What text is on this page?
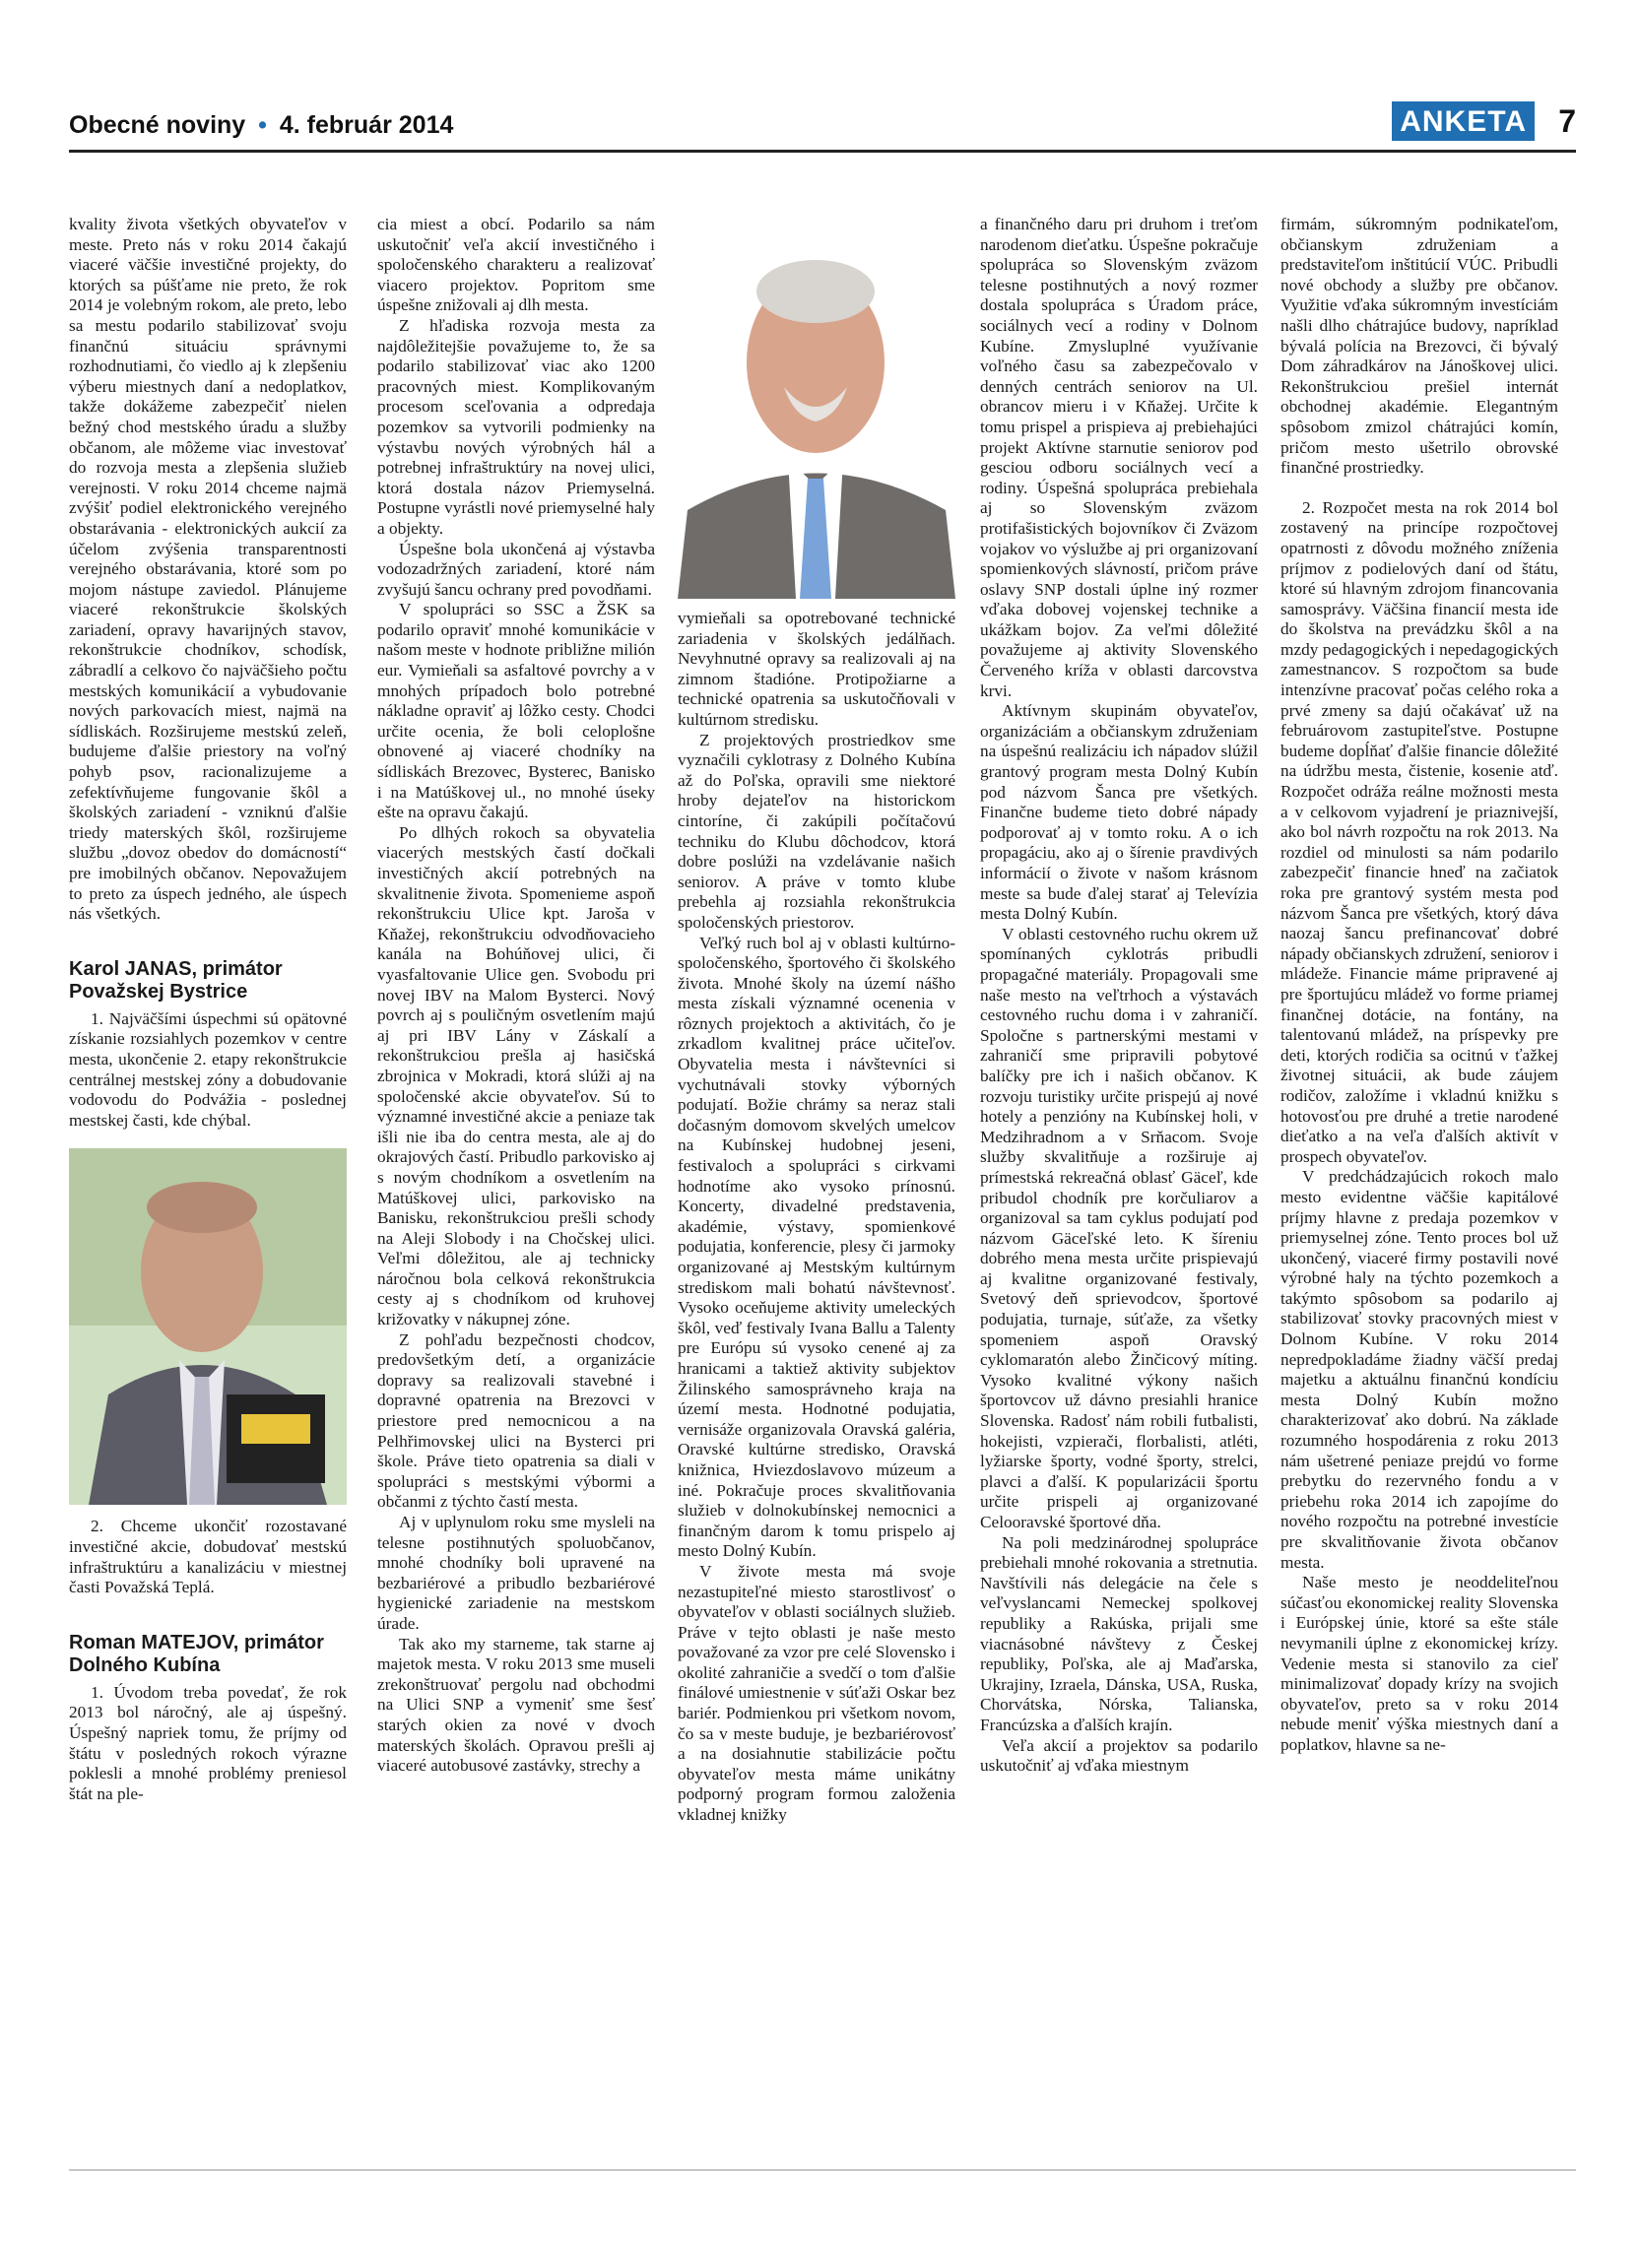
Obecné noviny • 4. február 2014	ANKETA 7

kvality života všetkých obyvateľov v meste. Preto nás v roku 2014 čakajú viaceré väčšie investičné projekty, do ktorých sa púšťame nie preto, že rok 2014 je volebným rokom, ale preto, lebo sa mestu podarilo stabilizovať svoju finančnú situáciu správnymi rozhodnutiami, čo viedlo aj k zlepšeniu výberu miestnych daní a nedoplatkov, takže dokážeme zabezpečiť nielen bežný chod mestského úradu a služby občanom, ale môžeme viac investovať do rozvoja mesta a zlepšenia služieb verejnosti. V roku 2014 chceme najmä zvýšiť podiel elektronického verejného obstarávania - elektronických aukcií za účelom zvýšenia transparentnosti verejného obstarávania, ktoré som po mojom nástupe zaviedol. Plánujeme viaceré rekonštrukcie školských zariadení, opravy havarijných stavov, rekonštrukcie chodníkov, schodísk, zábradlí a celkovo čo najväčšieho počtu mestských komunikácií a vybudovanie nových parkovacích miest, najmä na sídliskách. Rozširujeme mestskú zeleň, budujeme ďalšie priestory na voľný pohyb psov, racionalizujeme a zefektívňujeme fungovanie škôl a školských zariadení - vzniknú ďalšie triedy materských škôl, rozširujeme službu „dovoz obedov do domácností“ pre imobilných občanov. Nepovažujem to preto za úspech jedného, ale úspech nás všetkých.

Karol JANAS, primátor Považskej Bystrice

1. Najväčšími úspechmi sú opätovné získanie rozsiahlych pozemkov v centre mesta, ukončenie 2. etapy rekonštrukcie centrálnej mestskej zóny a dobudovanie vodovodu do Podvážia - poslednej mestskej časti, kde chýbal.

2. Chceme ukončiť rozostavané investičné akcie, dobudovať mestskú infraštruktúru a kanalizáciu v miestnej časti Považská Teplá.

Roman MATEJOV, primátor Dolného Kubína

1. Úvodom treba povedať, že rok 2013 bol náročný, ale aj úspešný. Úspešný napriek tomu, že príjmy od štátu v posledných rokoch výrazne poklesli a mnohé problémy preniesol štát na ple-

cia miest a obcí. Podarilo sa nám uskutočniť veľa akcií investičného i spoločenského charakteru a realizovať viacero projektov. Popritom sme úspešne znižovali aj dlh mesta.

Z hľadiska rozvoja mesta za najdôležitejšie považujeme to, že sa podarilo stabilizovať viac ako 1200 pracovných miest. Komplikovaným procesom sceľovania a odpredaja pozemkov sa vytvorili podmienky na výstavbu nových výrobných hál a potrebnej infraštruktúry na novej ulici, ktorá dostala názov Priemyselná. Postupne vyrástli nové priemyselné haly a objekty.

Úspešne bola ukončená aj výstavba vodozadržných zariadení, ktoré nám zvyšujú šancu ochrany pred povodňami.

V spolupráci so SSC a ŽSK sa podarilo opraviť mnohé komunikácie v našom meste v hodnote približne milión eur. Vymieňali sa asfaltové povrchy a v mnohých prípadoch bolo potrebné nákladne opraviť aj lôžko cesty. Chodci určite ocenia, že boli celoplošne obnovené aj viaceré chodníky na sídliskách Brezovec, Bysterec, Banisko i na Matúškovej ul., no mnohé úseky ešte na opravu čakajú.

Po dlhých rokoch sa obyvatelia viacerých mestských častí dočkali investičných akcií potrebných na skvalitnenie života. Spomenieme aspoň rekonštrukciu Ulice kpt. Jaroša v Kňažej, rekonštrukciu odvodňovacieho kanála na Bohúňovej ulici, či vyasfaltovanie Ulice gen. Svobodu pri novej IBV na Malom Bysterci. Nový povrch aj s pouličným osvetlením majú aj pri IBV Lány v Záskalí a rekonštrukciou prešla aj hasičská zbrojnica v Mokradi, ktorá slúži aj na spoločenské akcie obyvateľov. Sú to významné investičné akcie a peniaze tak išli nie iba do centra mesta, ale aj do okrajových častí. Pribudlo parkovisko aj s novým chodníkom a osvetlením na Matúškovej ulici, parkovisko na Banisku, rekonštrukciou prešli schody na Aleji Slobody i na Chočskej ulici. Veľmi dôležitou, ale aj technicky náročnou bola celková rekonštrukcia cesty aj s chodníkom od kruhovej križovatky v nákupnej zóne.

Z pohľadu bezpečnosti chodcov, predovšetkým detí, a organizácie dopravy sa realizovali stavebné i dopravné opatrenia na Brezovci v priestore pred nemocnicou a na Pelhřimovskej ulici na Bysterci pri škole. Práve tieto opatrenia sa diali v spolupráci s mestskými výbormi a občanmi z týchto častí mesta.

Aj v uplynulom roku sme mysleli na telesne postihnutých spoluobčanov, mnohé chodníky boli upravené na bezbariérové a pribudlo bezbariérové hygienické zariadenie na mestskom úrade.

Tak ako my starneme, tak starne aj majetok mesta. V roku 2013 sme museli zrekonštruovať pergolu nad obchodmi na Ulici SNP a vymeniť sme šesť starých okien za nové v dvoch materských školách. Opravou prešli aj viaceré autobusové zastávky, strechy a

vymieňali sa opotrebované technické zariadenia v školských jedálňach. Nevyhnutné opravy sa realizovali aj na zimnom štadióne. Protipožiarne a technické opatrenia sa uskutočňovali v kultúrnom stredisku.

Z projektových prostriedkov sme vyznačili cyklotrasy z Dolného Kubína až do Poľska, opravili sme niektoré hroby dejateľov na historickom cintoríne, či zakúpili počítačovú techniku do Klubu dôchodcov, ktorá dobre poslúži na vzdelávanie našich seniorov. A práve v tomto klube prebehla aj rozsiahla rekonštrukcia spoločenských priestorov.

Veľký ruch bol aj v oblasti kultúrno-spoločenského, športového či školského života. Mnohé školy na území nášho mesta získali významné ocenenia v rôznych projektoch a aktivitách, čo je zrkadlom kvalitnej práce učiteľov. Obyvatelia mesta i návštevníci si vychutnávali stovky výborných podujatí. Božie chrámy sa neraz stali dočasným domovom skvelých umelcov na Kubínskej hudobnej jeseni, festivaloch a spolupráci s cirkvami hodnotíme ako vysoko prínosnú. Koncerty, divadelné predstavenia, akadémie, výstavy, spomienkové podujatia, konferencie, plesy či jarmoky organizované aj Mestským kultúrnym strediskom mali bohatú návštevnosť. Vysoko oceňujeme aktivity umeleckých škôl, veď festivaly Ivana Ballu a Talenty pre Európu sú vysoko cenené aj za hranicami a taktiež aktivity subjektov Žilinského samosprávneho kraja na území mesta. Hodnotné podujatia, vernisáže organizovala Oravská galéria, Oravské kultúrne stredisko, Oravská knižnica, Hviezdoslavovo múzeum a iné. Pokračuje proces skvalitňovania služieb v dolnokubínskej nemocnici a finančným darom k tomu prispelo aj mesto Dolný Kubín.

V živote mesta má svoje nezastupiteľné miesto starostlivosť o obyvateľov v oblasti sociálnych služieb. Práve v tejto oblasti je naše mesto považované za vzor pre celé Slovensko i okolité zahraničie a svedčí o tom ďalšie finálové umiestnenie v súťaži Oskar bez bariér. Podmienkou pri všetkom novom, čo sa v meste buduje, je bezbariérovosť a na dosiahnutie stabilizácie počtu obyvateľov mesta máme unikátny podporný program formou založenia vkladnej knižky

a finančného daru pri druhom i treťom narodenom dieťatku. Úspešne pokračuje spolupráca so Slovenským zväzom telesne postihnutých a nový rozmer dostala spolupráca s Úradom práce, sociálnych vecí a rodiny v Dolnom Kubíne. Zmysluplné využívanie voľného času sa zabezpečovalo v denných centrách seniorov na Ul. obrancov mieru i v Kňažej. Určite k tomu prispel a prispieva aj prebiehajúci projekt Aktívne starnutie seniorov pod gesciou odboru sociálnych vecí a rodiny. Úspešná spolupráca prebiehala aj so Slovenským zväzom protifašistických bojovníkov či Zväzom vojakov vo výslužbe aj pri organizovaní spomienkových slávností, pričom práve oslavy SNP dostali úplne iný rozmer vďaka dobovej vojenskej technike a ukážkam bojov. Za veľmi dôležité považujeme aj aktivity Slovenského Červeného kríža v oblasti darcovstva krvi.

Aktívnym skupinám obyvateľov, organizáciám a občianskym združeniam na úspešnú realizáciu ich nápadov slúžil grantový program mesta Dolný Kubín pod názvom Šanca pre všetkých. Finančne budeme tieto dobré nápady podporovať aj v tomto roku. A o ich propagáciu, ako aj o šírenie pravdivých informácií o živote v našom krásnom meste sa bude ďalej starať aj Televízia mesta Dolný Kubín.

V oblasti cestovného ruchu okrem už spomínaných cyklotrás pribudli propagačné materiály. Propagovali sme naše mesto na veľtrhoch a výstavách cestovného ruchu doma i v zahraničí. Spoločne s partnerskými mestami v zahraničí sme pripravili pobytové balíčky pre ich i našich občanov. K rozvoju turistiky určite prispejú aj nové hotely a penzióny na Kubínskej holi, v Medzihradnom a v Srňacom. Svoje služby skvalitňuje a rozširuje aj prímestská rekreačná oblasť Gäceľ, kde pribudol chodník pre korčuliarov a organizoval sa tam cyklus podujatí pod názvom Gäceľské leto. K šíreniu dobrého mena mesta určite prispievajú aj kvalitne organizované festivaly, Svetový deň sprievodcov, športové podujatia, turnaje, súťaže, za všetky spomeniem aspoň Oravský cyklomaratón alebo Žinčicový míting. Vysoko kvalitné výkony našich športovcov už dávno presiahli hranice Slovenska. Radosť nám robili futbalisti, hokejisti, vzpierači, florbalisti, atléti, lyžiarske športy, vodné športy, strelci, plavci a ďalší. K popularizácii športu určite prispeli aj organizované Celooravské športové dňa.

Na poli medzinárodnej spolupráce prebiehali mnohé rokovania a stretnutia. Navštívili nás delegácie na čele s veľvyslancami Nemeckej spolkovej republiky a Rakúska, prijali sme viacnásobné návštevy z Českej republiky, Poľska, ale aj Maďarska, Ukrajiny, Izraela, Dánska, USA, Ruska, Chorvátska, Nórska, Talianska, Francúzska a ďalších krajín.

Veľa akcií a projektov sa podarilo uskutočniť aj vďaka miestnym

firmám, súkromným podnikateľom, občianskym združeniam a predstaviteľom inštitúcií VÚC. Pribudli nové obchody a služby pre občanov. Využitie vďaka súkromným investíciám našli dlho chátrajúce budovy, napríklad bývalá polícia na Brezovci, či bývalý Dom záhradkárov na Jánoškovej ulici. Rekonštrukciou prešiel internát obchodnej akadémie. Elegantným spôsobom zmizol chátrajúci komín, pričom mesto ušetrilo obrovské finančné prostriedky.

2. Rozpočet mesta na rok 2014 bol zostavený na princípe rozpočtovej opatrnosti z dôvodu možného zníženia príjmov z podielových daní od štátu, ktoré sú hlavným zdrojom financovania samosprávy. Väčšina financií mesta ide do školstva na prevádzku škôl a na mzdy pedagogických i nepedagogických zamestnancov. S rozpočtom sa bude intenzívne pracovať počas celého roka a prvé zmeny sa dajú očakávať už na februárovom zastupiteľstve. Postupne budeme dopĺňať ďalšie financie dôležité na údržbu mesta, čistenie, kosenie atď. Rozpočet odráža reálne možnosti mesta a v celkovom vyjadrení je priaznivejší, ako bol návrh rozpočtu na rok 2013. Na rozdiel od minulosti sa nám podarilo zabezpečiť financie hneď na začiatok roka pre grantový systém mesta pod názvom Šanca pre všetkých, ktorý dáva naozaj šancu prefinancovať dobré nápady občianskych združení, seniorov i mládeže. Financie máme pripravené aj pre športujúcu mládež vo forme priamej finančnej dotácie, na fontány, na talentovanú mládež, na príspevky pre deti, ktorých rodičia sa ocitnú v ťažkej životnej situácii, ak bude záujem rodičov, založíme i vkladnú knižku s hotovosťou pre druhé a tretie narodené dieťatko a na veľa ďalších aktivít v prospech obyvateľov.

V predchádzajúcich rokoch malo mesto evidentne väčšie kapitálové príjmy hlavne z predaja pozemkov v priemyselnej zóne. Tento proces bol už ukončený, viaceré firmy postavili nové výrobné haly na týchto pozemkoch a takýmto spôsobom sa podarilo aj stabilizovať stovky pracovných miest v Dolnom Kubíne. V roku 2014 nepredpokladáme žiadny väčší predaj majetku a aktuálnu finančnú kondíciu mesta Dolný Kubín možno charakterizovať ako dobrú. Na základe rozumného hospodárenia z roku 2013 nám ušetrené peniaze prejdú vo forme prebytku do rezervného fondu a v priebehu roka 2014 ich zapojíme do nového rozpočtu na potrebné investície pre skvalitňovanie života občanov mesta.

Naše mesto je neoddeliteľnou súčasťou ekonomickej reality Slovenska i Európskej únie, ktoré sa ešte stále nevymanili úplne z ekonomickej krízy. Vedenie mesta si stanovilo za cieľ minimalizovať dopady krízy na svojich obyvateľov, preto sa v roku 2014 nebude meniť výška miestnych daní a poplatkov, hlavne sa ne-
